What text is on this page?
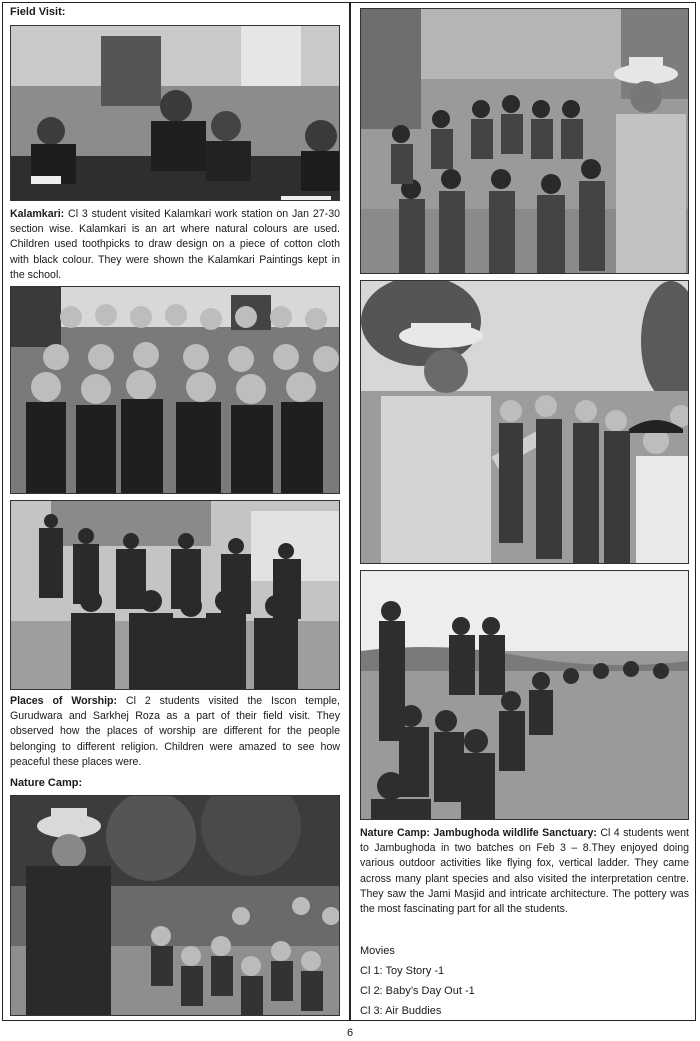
Field Visit:
Kalamkari: Cl 3 student visited Kalamkari work station on Jan 27-30 section wise. Kalamkari is an art where natural colours are used. Children used toothpicks to draw design on a piece of cotton cloth with black colour. They were shown the Kalamkari Paintings kept in the school.
Places of Worship: Cl 2 students visited the Iscon temple, Gurudwara and Sarkhej Roza as a part of their field visit. They observed how the places of worship are different for the people belonging to different religion. Children were amazed to see how peaceful these places were.
Nature Camp:
Nature Camp: Jambughoda wildlife Sanctuary: Cl 4 students went to Jambughoda in two batches on Feb 3 – 8.They enjoyed doing various outdoor activities like flying fox, vertical ladder. They came across many plant species and also visited the interpretation centre. They saw the Jami Masjid and intricate architecture. The pottery was the most fascinating part for all the students.
Movies
Cl 1: Toy Story -1
Cl 2: Baby’s Day Out -1
Cl 3: Air Buddies
6
